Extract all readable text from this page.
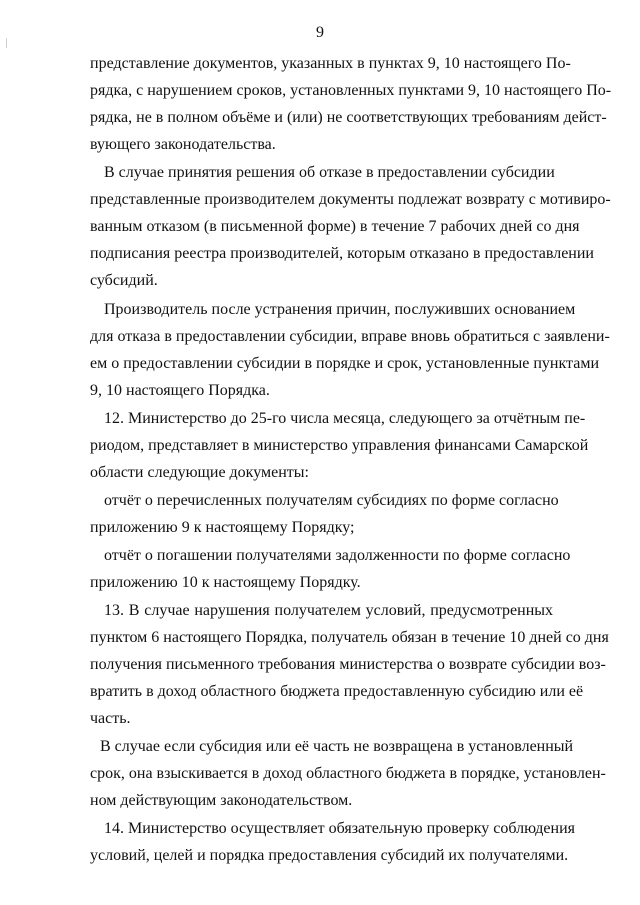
9
представление документов, указанных в пунктах 9, 10 настоящего По-
рядка, с нарушением сроков, установленных пунктами 9, 10 настоящего По-
рядка, не в полном объёме и (или) не соответствующих требованиям дейст-
вующего законодательства.
В случае принятия решения об отказе в предоставлении субсидии
представленные производителем документы подлежат возврату с мотивиро-
ванным отказом (в письменной форме) в течение 7 рабочих дней со дня
подписания реестра производителей, которым отказано в предоставлении
субсидий.
Производитель после устранения причин, послуживших основанием
для отказа в предоставлении субсидии, вправе вновь обратиться с заявлени-
ем о предоставлении субсидии в порядке и срок, установленные пунктами
9, 10 настоящего Порядка.
12. Министерство до 25-го числа месяца, следующего за отчётным пе-
риодом, представляет в министерство управления финансами Самарской
области следующие документы:
отчёт о перечисленных получателям субсидиях по форме согласно
приложению 9 к настоящему Порядку;
отчёт о погашении получателями задолженности по форме согласно
приложению 10 к настоящему Порядку.
13. В случае нарушения получателем условий, предусмотренных
пунктом 6 настоящего Порядка, получатель обязан в течение 10 дней со дня
получения письменного требования министерства о возврате субсидии воз-
вратить в доход областного бюджета предоставленную субсидию или её
часть.
В случае если субсидия или её часть не возвращена в установленный
срок, она взыскивается в доход областного бюджета в порядке, установлен-
ном действующим законодательством.
14. Министерство осуществляет обязательную проверку соблюдения
условий, целей и порядка предоставления субсидий их получателями.
